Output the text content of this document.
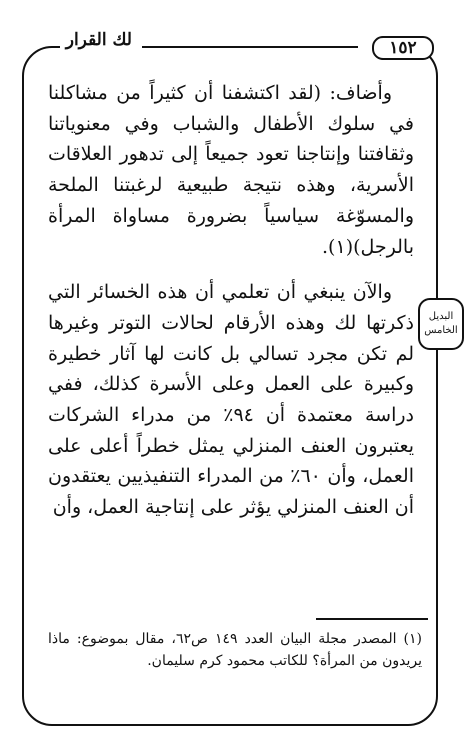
لك القرار	١٥٢
البديل
الخامس

وأضاف: (لقد اكتشفنا أن كثيراً من مشاكلنا في سلوك الأطفال والشباب وفي معنوياتنا وثقافتنا وإنتاجنا تعود جميعاً إلى تدهور العلاقات الأسرية، وهذه نتيجة طبيعية لرغبتنا الملحة والمسوّغة سياسياً بضرورة مساواة المرأة بالرجل)(١).

والآن ينبغي أن تعلمي أن هذه الخسائر التي ذكرتها لك وهذه الأرقام لحالات التوتر وغيرها لم تكن مجرد تسالي بل كانت لها آثار خطيرة وكبيرة على العمل وعلى الأسرة كذلك، ففي دراسة معتمدة أن ٩٤٪ من مدراء الشركات يعتبرون العنف المنزلي يمثل خطراً أعلى على العمل، وأن ٦٠٪ من المدراء التنفيذيين يعتقدون أن العنف المنزلي يؤثر على إنتاجية العمل، وأن

(١) المصدر مجلة البيان العدد ١٤٩ ص٦٢، مقال بموضوع: ماذا يريدون من المرأة؟ للكاتب محمود كرم سليمان.
